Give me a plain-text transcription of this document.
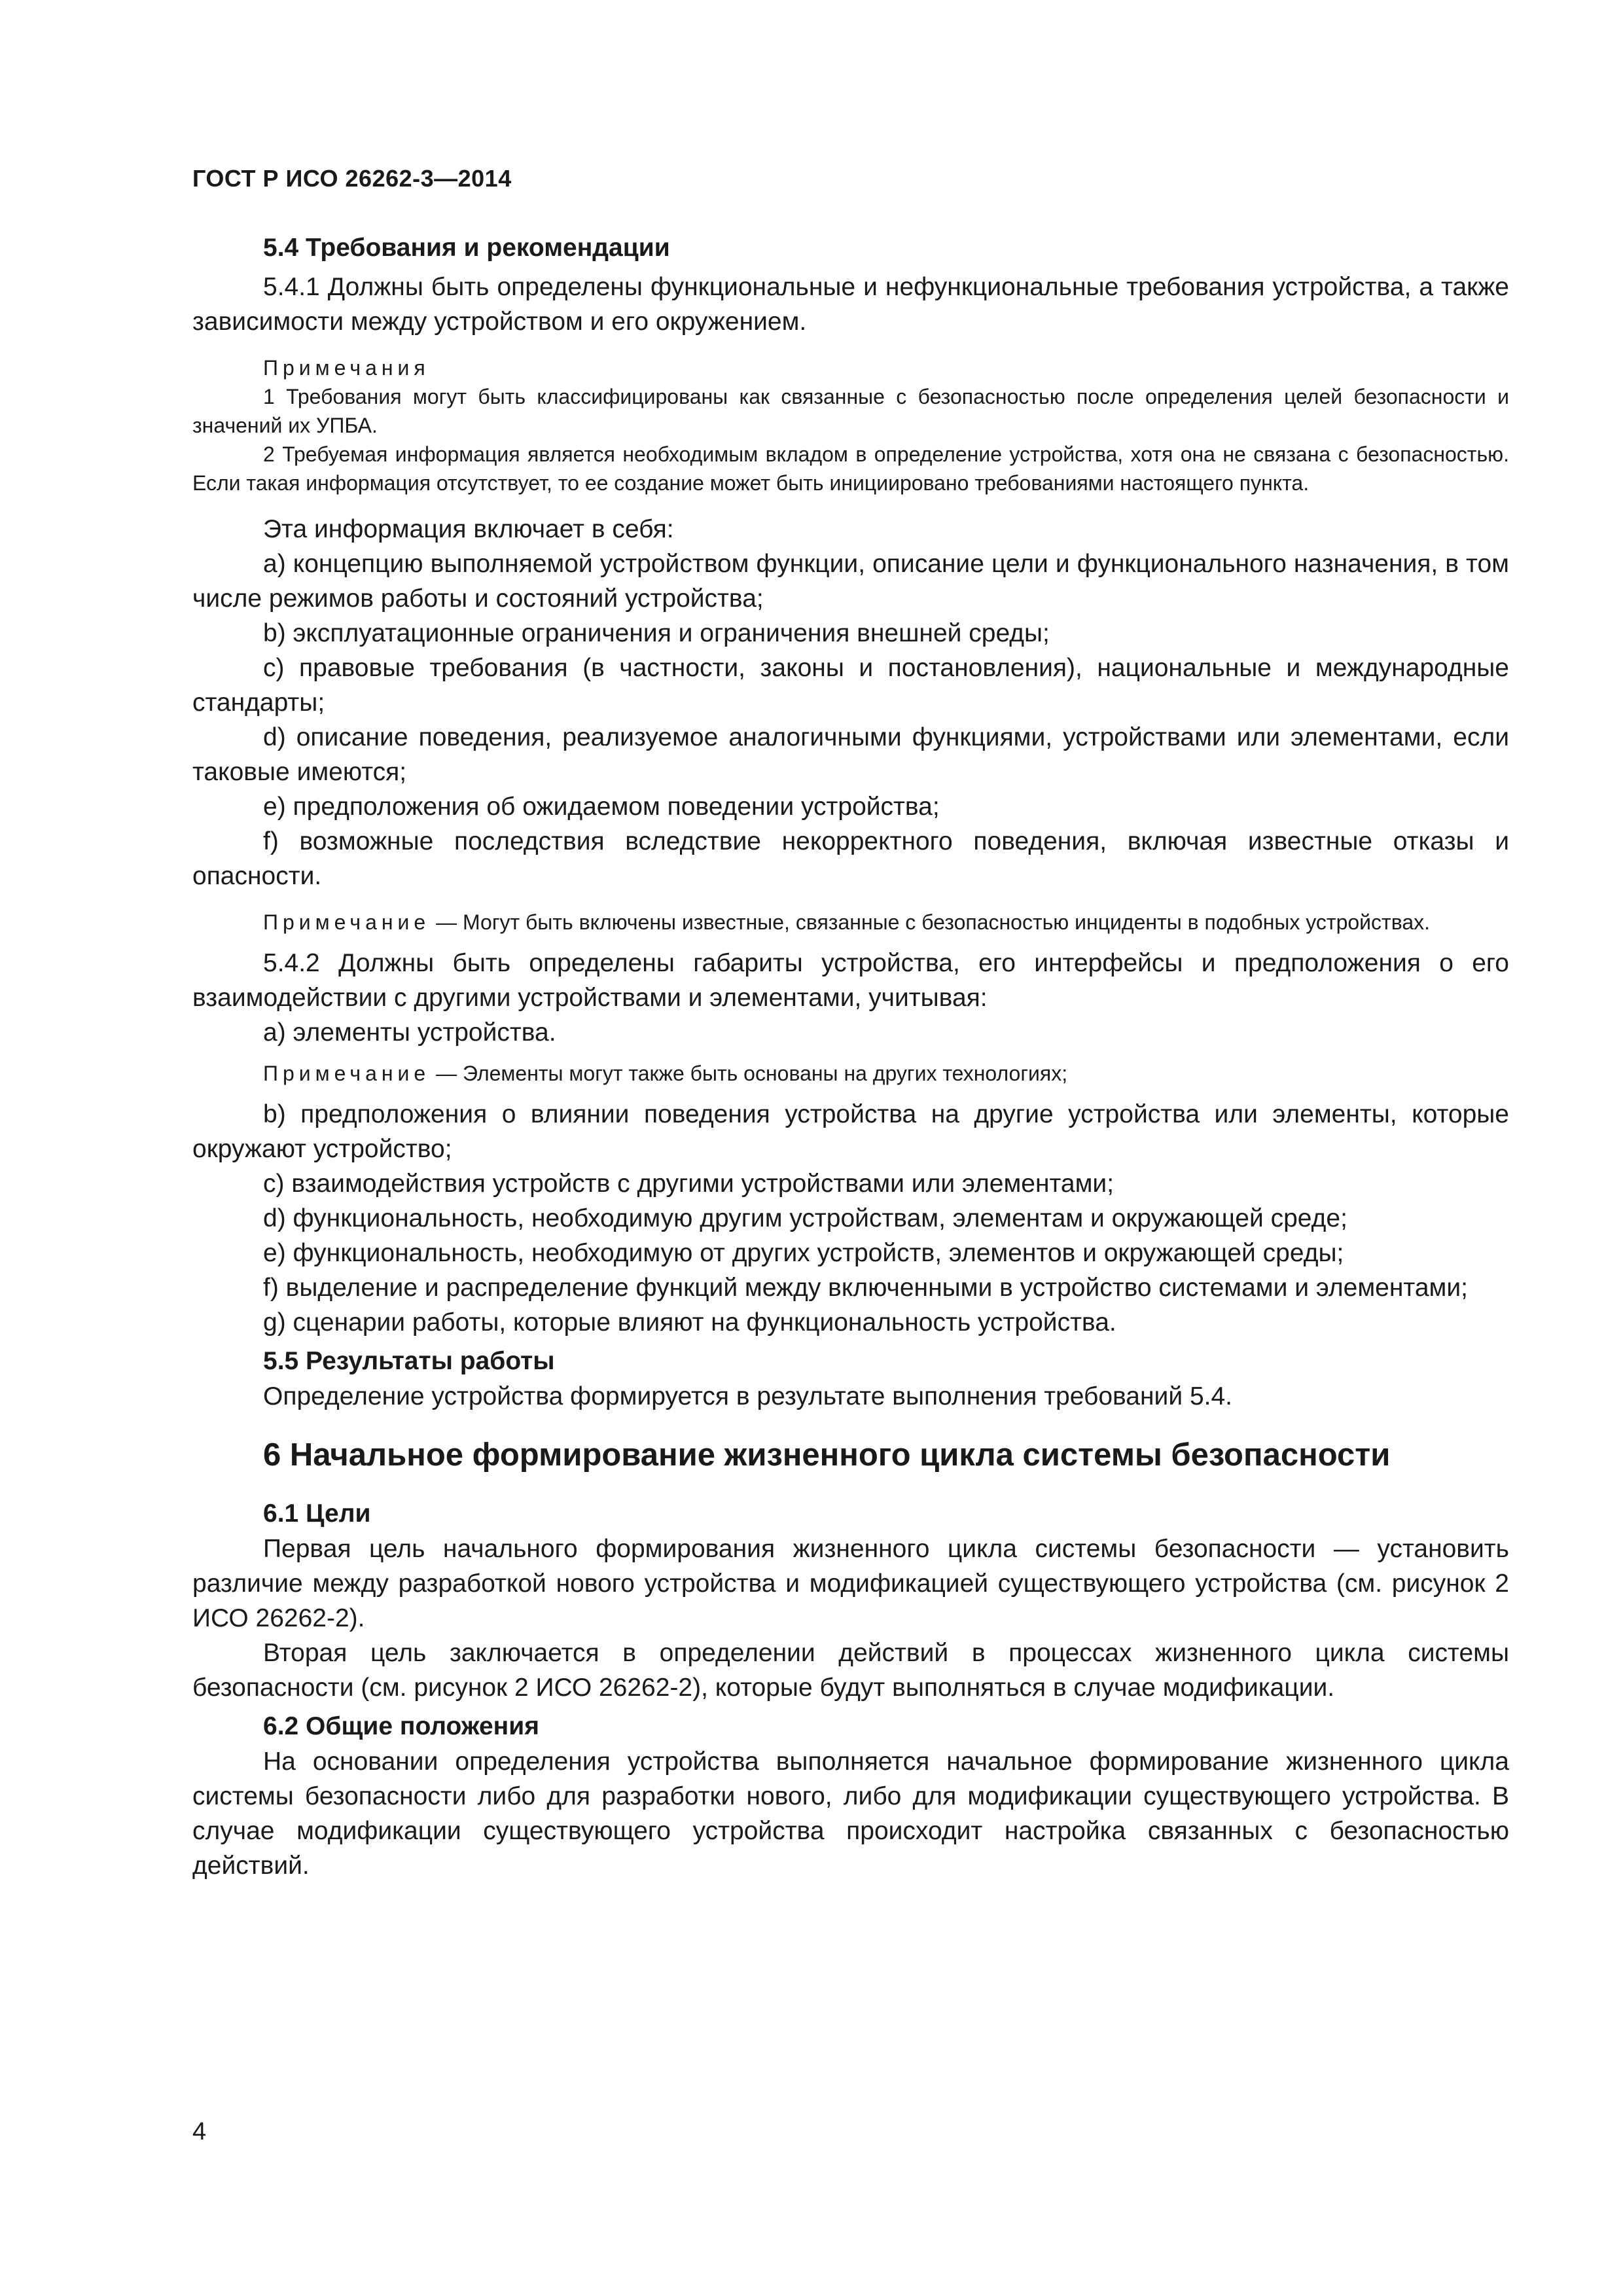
ГОСТ Р ИСО 26262-3—2014

5.4 Требования и рекомендации

5.4.1 Должны быть определены функциональные и нефункциональные требования устройства, а также зависимости между устройством и его окружением.

Примечания

1 Требования могут быть классифицированы как связанные с безопасностью после определения целей безопасности и значений их УПБА.

2 Требуемая информация является необходимым вкладом в определение устройства, хотя она не связана с безопасностью. Если такая информация отсутствует, то ее создание может быть инициировано требованиями настоящего пункта.

Эта информация включает в себя:

a) концепцию выполняемой устройством функции, описание цели и функционального назначения, в том числе режимов работы и состояний устройства;

b) эксплуатационные ограничения и ограничения внешней среды;

c) правовые требования (в частности, законы и постановления), национальные и международные стандарты;

d) описание поведения, реализуемое аналогичными функциями, устройствами или элементами, если таковые имеются;

e) предположения об ожидаемом поведении устройства;

f) возможные последствия вследствие некорректного поведения, включая известные отказы и опасности.

Примечание — Могут быть включены известные, связанные с безопасностью инциденты в подобных устройствах.

5.4.2 Должны быть определены габариты устройства, его интерфейсы и предположения о его взаимодействии с другими устройствами и элементами, учитывая:

a) элементы устройства.

Примечание — Элементы могут также быть основаны на других технологиях;

b) предположения о влиянии поведения устройства на другие устройства или элементы, которые окружают устройство;

c) взаимодействия устройств с другими устройствами или элементами;

d) функциональность, необходимую другим устройствам, элементам и окружающей среде;

e) функциональность, необходимую от других устройств, элементов и окружающей среды;

f) выделение и распределение функций между включенными в устройство системами и элементами;

g) сценарии работы, которые влияют на функциональность устройства.

5.5 Результаты работы

Определение устройства формируется в результате выполнения требований 5.4.

6 Начальное формирование жизненного цикла системы безопасности

6.1 Цели

Первая цель начального формирования жизненного цикла системы безопасности — установить различие между разработкой нового устройства и модификацией существующего устройства (см. рисунок 2 ИСО 26262-2).

Вторая цель заключается в определении действий в процессах жизненного цикла системы безопасности (см. рисунок 2 ИСО 26262-2), которые будут выполняться в случае модификации.

6.2 Общие положения

На основании определения устройства выполняется начальное формирование жизненного цикла системы безопасности либо для разработки нового, либо для модификации существующего устройства. В случае модификации существующего устройства происходит настройка связанных с безопасностью действий.

4
